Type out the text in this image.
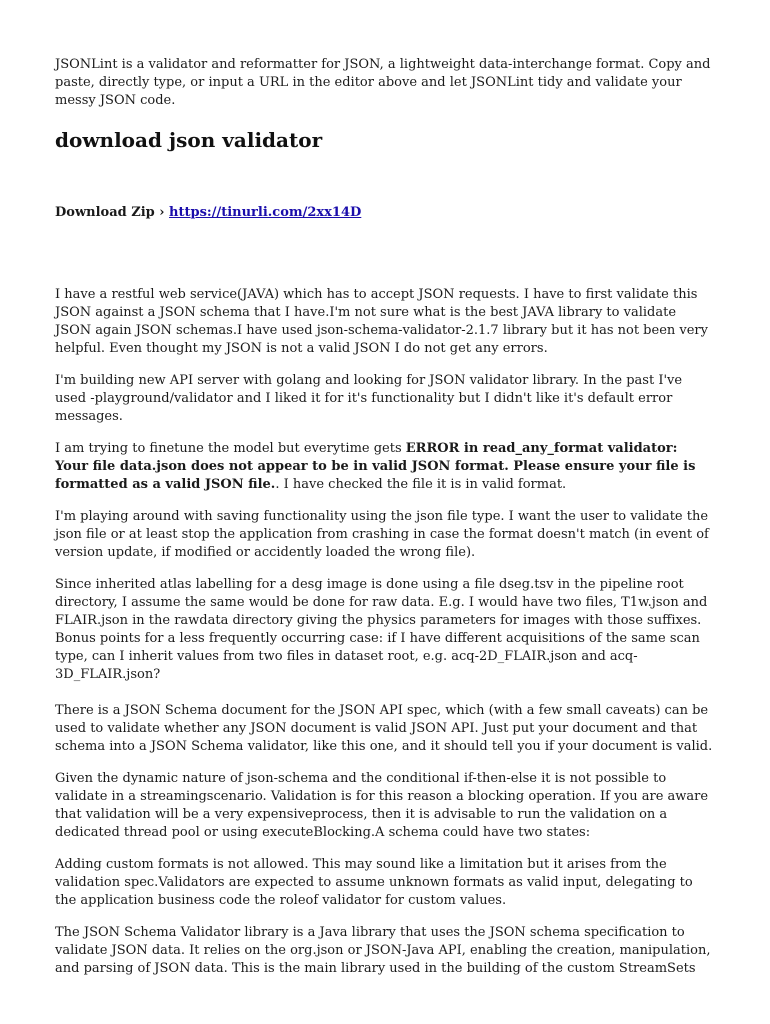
JSONLint is a validator and reformatter for JSON, a lightweight data-interchange format. Copy and paste, directly type, or input a URL in the editor above and let JSONLint tidy and validate your messy JSON code.

download json validator
Download Zip › https://tinurli.com/2xx14D

I have a restful web service(JAVA) which has to accept JSON requests. I have to first validate this JSON against a JSON schema that I have.I'm not sure what is the best JAVA library to validate JSON again JSON schemas.I have used json-schema-validator-2.1.7 library but it has not been very helpful. Even thought my JSON is not a valid JSON I do not get any errors.

I'm building new API server with golang and looking for JSON validator library. In the past I've used -playground/validator and I liked it for it's functionality but I didn't like it's default error messages.

I am trying to finetune the model but everytime gets ERROR in read_any_format validator: Your file data.json does not appear to be in valid JSON format. Please ensure your file is formatted as a valid JSON file.. I have checked the file it is in valid format.

I'm playing around with saving functionality using the json file type. I want the user to validate the json file or at least stop the application from crashing in case the format doesn't match (in event of version update, if modified or accidently loaded the wrong file).

Since inherited atlas labelling for a desg image is done using a file dseg.tsv in the pipeline root directory, I assume the same would be done for raw data. E.g. I would have two files, T1w.json and FLAIR.json in the rawdata directory giving the physics parameters for images with those suffixes. Bonus points for a less frequently occurring case: if I have different acquisitions of the same scan type, can I inherit values from two files in dataset root, e.g. acq-2D_FLAIR.json and acq-3D_FLAIR.json?

There is a JSON Schema document for the JSON API spec, which (with a few small caveats) can be used to validate whether any JSON document is valid JSON API. Just put your document and that schema into a JSON Schema validator, like this one, and it should tell you if your document is valid.

Given the dynamic nature of json-schema and the conditional if-then-else it is not possible to validate in a streamingscenario. Validation is for this reason a blocking operation. If you are aware that validation will be a very expensiveprocess, then it is advisable to run the validation on a dedicated thread pool or using executeBlocking.A schema could have two states:

Adding custom formats is not allowed. This may sound like a limitation but it arises from the validation spec.Validators are expected to assume unknown formats as valid input, delegating to the application business code the roleof validator for custom values.

The JSON Schema Validator library is a Java library that uses the JSON schema specification to validate JSON data. It relies on the org.json or JSON-Java API, enabling the creation, manipulation, and parsing of JSON data. This is the main library used in the building of the custom StreamSets
